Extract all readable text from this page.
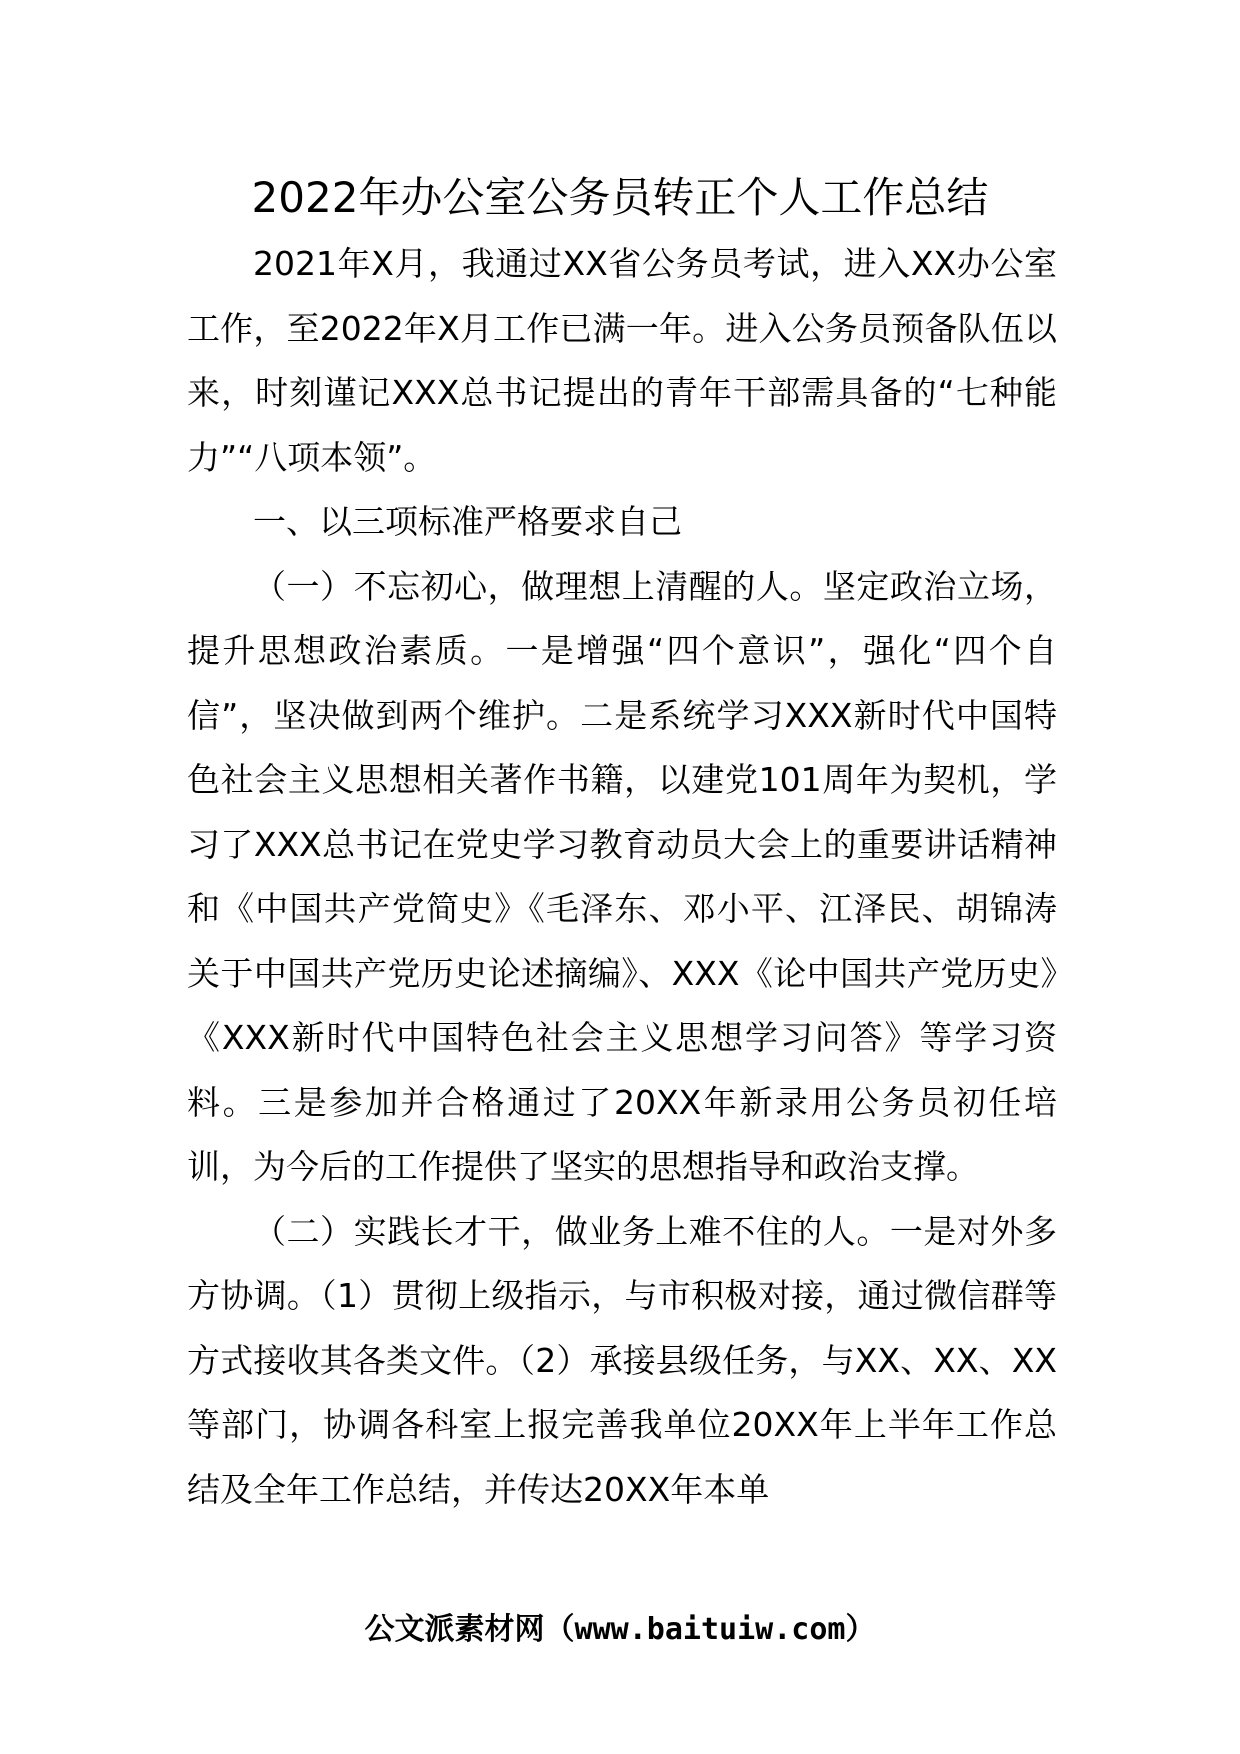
2022年办公室公务员转正个人工作总结

2021年X月，我通过XX省公务员考试，进入XX办公室工作，至2022年X月工作已满一年。进入公务员预备队伍以来，时刻谨记XXX总书记提出的青年干部需具备的“七种能力”“八项本领”。

一、以三项标准严格要求自己

（一）不忘初心，做理想上清醒的人。坚定政治立场，提升思想政治素质。一是增强“四个意识”，强化“四个自信”，坚决做到两个维护。二是系统学习XXX新时代中国特色社会主义思想相关著作书籍，以建党101周年为契机，学习了XXX总书记在党史学习教育动员大会上的重要讲话精神和《中国共产党简史》《毛泽东、邓小平、江泽民、胡锦涛关于中国共产党历史论述摘编》、XXX《论中国共产党历史》《XXX新时代中国特色社会主义思想学习问答》等学习资料。三是参加并合格通过了20XX年新录用公务员初任培训，为今后的工作提供了坚实的思想指导和政治支撑。

（二）实践长才干，做业务上难不住的人。一是对外多方协调。（1）贯彻上级指示，与市积极对接，通过微信群等方式接收其各类文件。（2）承接县级任务，与XX、XX、XX等部门，协调各科室上报完善我单位20XX年上半年工作总结及全年工作总结，并传达20XX年本单

公文派素材网（www.baituiw.com）
